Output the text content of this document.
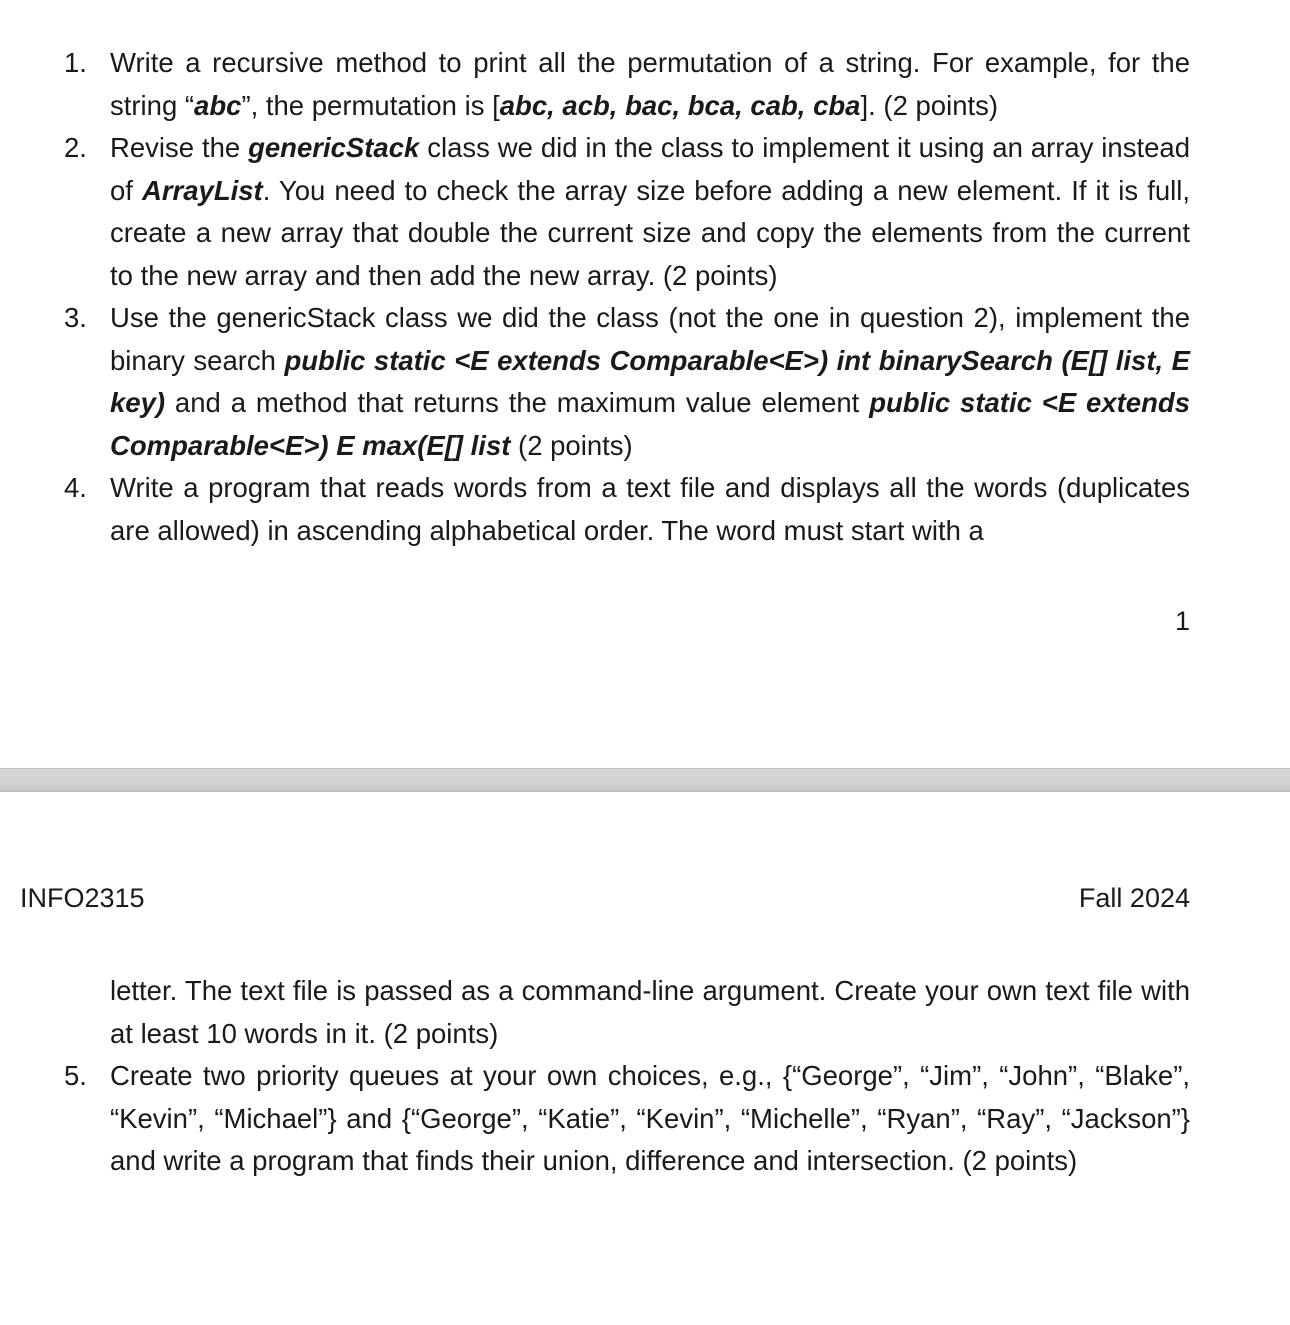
1. Write a recursive method to print all the permutation of a string. For example, for the string “abc”, the permutation is [abc, acb, bac, bca, cab, cba]. (2 points)
2. Revise the genericStack class we did in the class to implement it using an array instead of ArrayList. You need to check the array size before adding a new element. If it is full, create a new array that double the current size and copy the elements from the current to the new array and then add the new array. (2 points)
3. Use the genericStack class we did the class (not the one in question 2), implement the binary search public static <E extends Comparable<E>) int binarySearch (E[] list, E key) and a method that returns the maximum value element public static <E extends Comparable<E>) E max(E[] list (2 points)
4. Write a program that reads words from a text file and displays all the words (duplicates are allowed) in ascending alphabetical order. The word must start with a
1
INFO2315	Fall 2024
letter. The text file is passed as a command-line argument. Create your own text file with at least 10 words in it. (2 points)
5. Create two priority queues at your own choices, e.g., {“George”, “Jim”, “John”, “Blake”, “Kevin”, “Michael”} and {“George”, “Katie”, “Kevin”, “Michelle”, “Ryan”, “Ray”, “Jackson”} and write a program that finds their union, difference and intersection. (2 points)
